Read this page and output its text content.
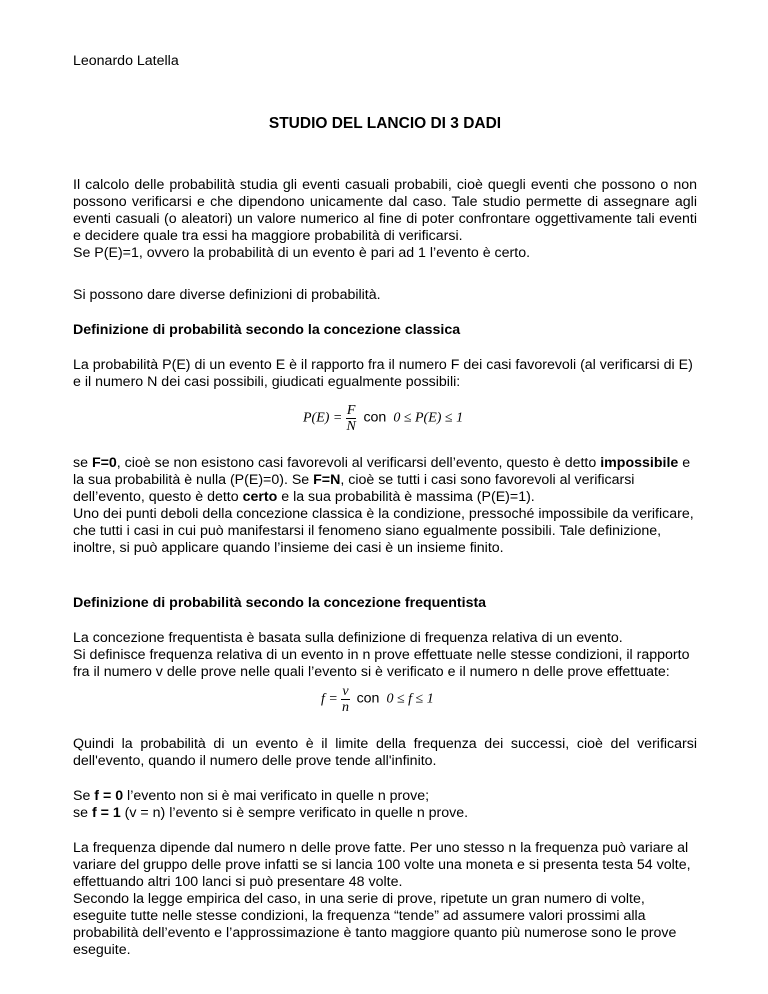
Leonardo Latella
STUDIO DEL LANCIO DI 3 DADI

Il calcolo delle probabilità studia gli eventi casuali probabili, cioè quegli eventi che possono o non possono verificarsi e che dipendono unicamente dal caso. Tale studio permette di assegnare agli eventi casuali (o aleatori) un valore numerico al fine di poter confrontare oggettivamente tali eventi e decidere quale tra essi ha maggiore probabilità di verificarsi.
Se P(E)=1, ovvero la probabilità di un evento è pari ad 1 l’evento è certo.

Si possono dare diverse definizioni di probabilità.

Definizione di probabilità secondo la concezione classica

La probabilità P(E) di un evento E è il rapporto fra il numero F dei casi favorevoli (al verificarsi di E) e il numero N dei casi possibili, giudicati egualmente possibili:

$P(E) = \frac{F}{N}$ con 0 ≤ P(E) ≤ 1

se F=0, cioè se non esistono casi favorevoli al verificarsi dell’evento, questo è detto impossibile e la sua probabilità è nulla (P(E)=0). Se F=N, cioè se tutti i casi sono favorevoli al verificarsi dell’evento, questo è detto certo e la sua probabilità è massima (P(E)=1).
Uno dei punti deboli della concezione classica è la condizione, pressoché impossibile da verificare, che tutti i casi in cui può manifestarsi il fenomeno siano egualmente possibili. Tale definizione, inoltre, si può applicare quando l’insieme dei casi è un insieme finito.

Definizione di probabilità secondo la concezione frequentista

La concezione frequentista è basata sulla definizione di frequenza relativa di un evento.
Si definisce frequenza relativa di un evento in n prove effettuate nelle stesse condizioni, il rapporto fra il numero v delle prove nelle quali l’evento si è verificato e il numero n delle prove effettuate:

$f = \frac{v}{n}$ con 0 ≤ f ≤ 1

Quindi la probabilità di un evento è il limite della frequenza dei successi, cioè del verificarsi dell'evento, quando il numero delle prove tende all'infinito.

Se f = 0 l’evento non si è mai verificato in quelle n prove;
se f = 1 (v = n) l’evento si è sempre verificato in quelle n prove.

La frequenza dipende dal numero n delle prove fatte. Per uno stesso n la frequenza può variare al variare del gruppo delle prove infatti se si lancia 100 volte una moneta e si presenta testa 54 volte, effettuando altri 100 lanci si può presentare 48 volte.
Secondo la legge empirica del caso, in una serie di prove, ripetute un gran numero di volte, eseguite tutte nelle stesse condizioni, la frequenza “tende” ad assumere valori prossimi alla probabilità dell’evento e l’approssimazione è tanto maggiore quanto più numerose sono le prove eseguite.
